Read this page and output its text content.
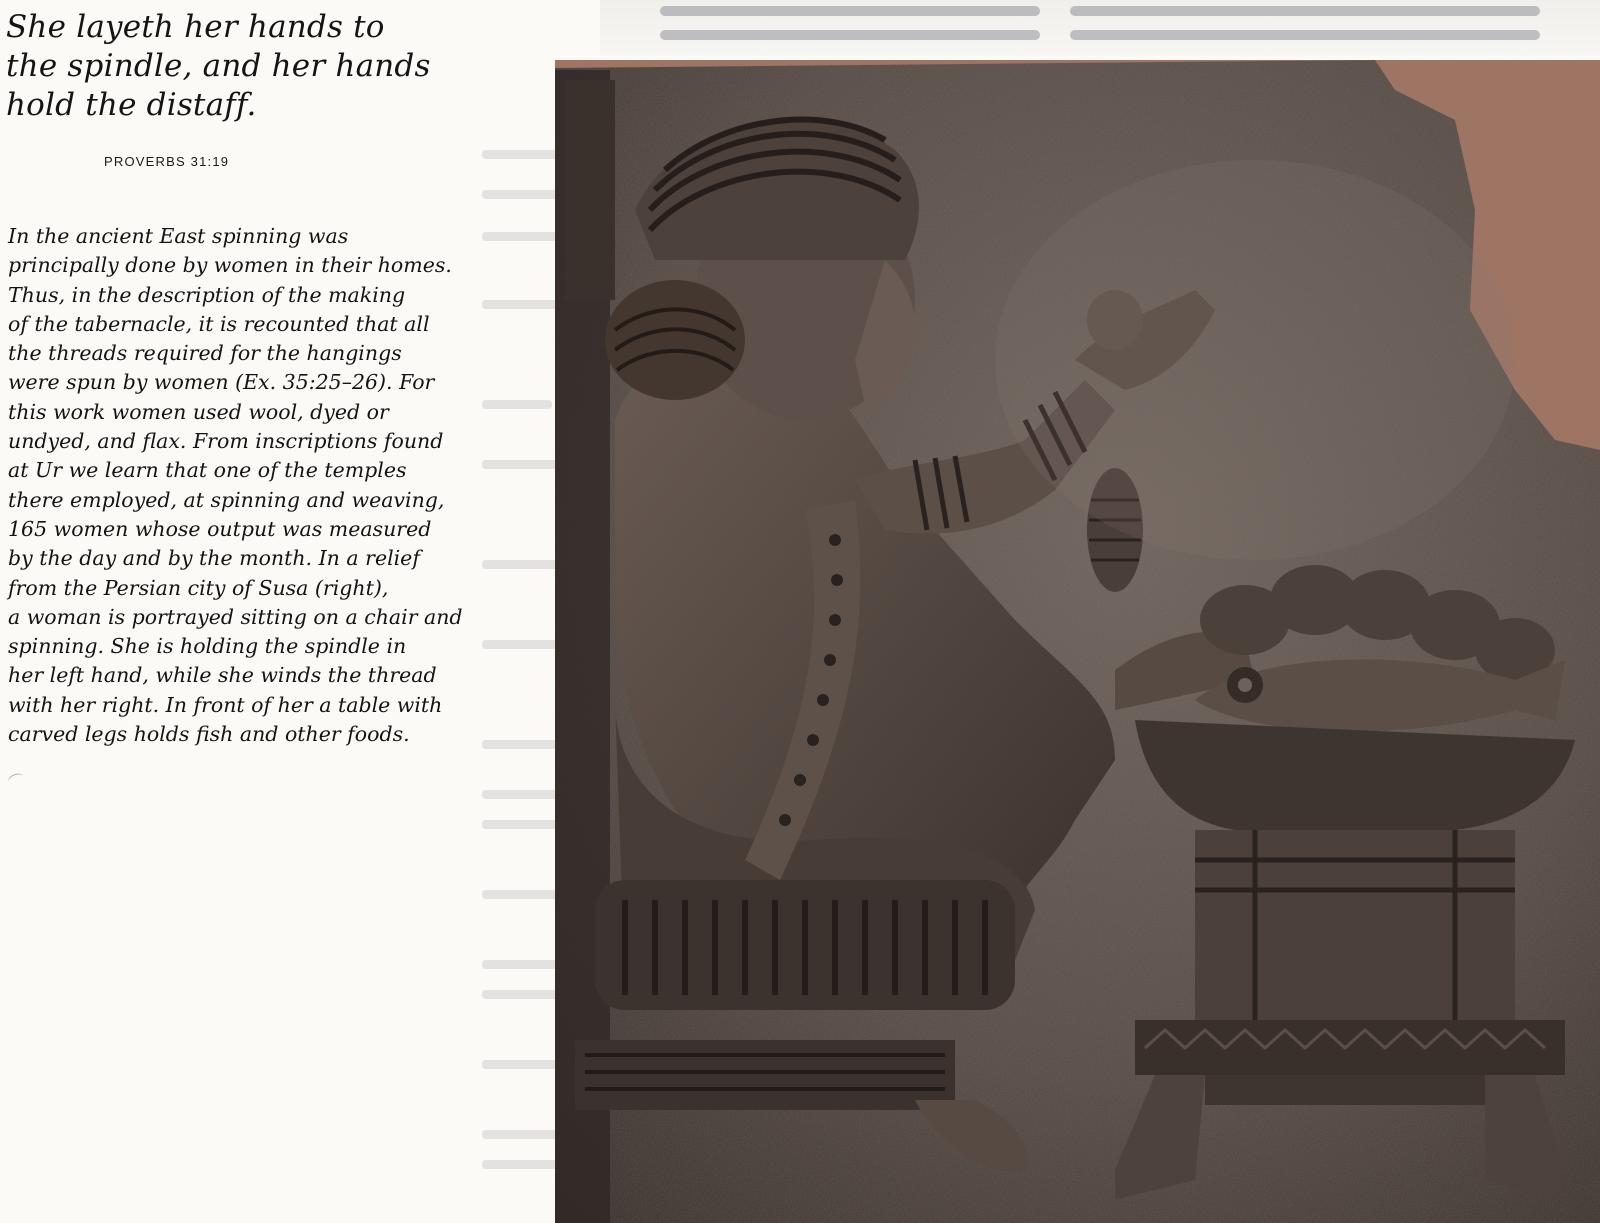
She layeth her hands to
the spindle, and her hands
hold the distaff.
PROVERBS 31:19

In the ancient East spinning was
principally done by women in their homes.
Thus, in the description of the making
of the tabernacle, it is recounted that all
the threads required for the hangings
were spun by women (Ex. 35:25–26). For
this work women used wool, dyed or
undyed, and flax. From inscriptions found
at Ur we learn that one of the temples
there employed, at spinning and weaving,
165 women whose output was measured
by the day and by the month. In a relief
from the Persian city of Susa (right),
a woman is portrayed sitting on a chair and
spinning. She is holding the spindle in
her left hand, while she winds the thread
with her right. In front of her a table with
carved legs holds fish and other foods.
